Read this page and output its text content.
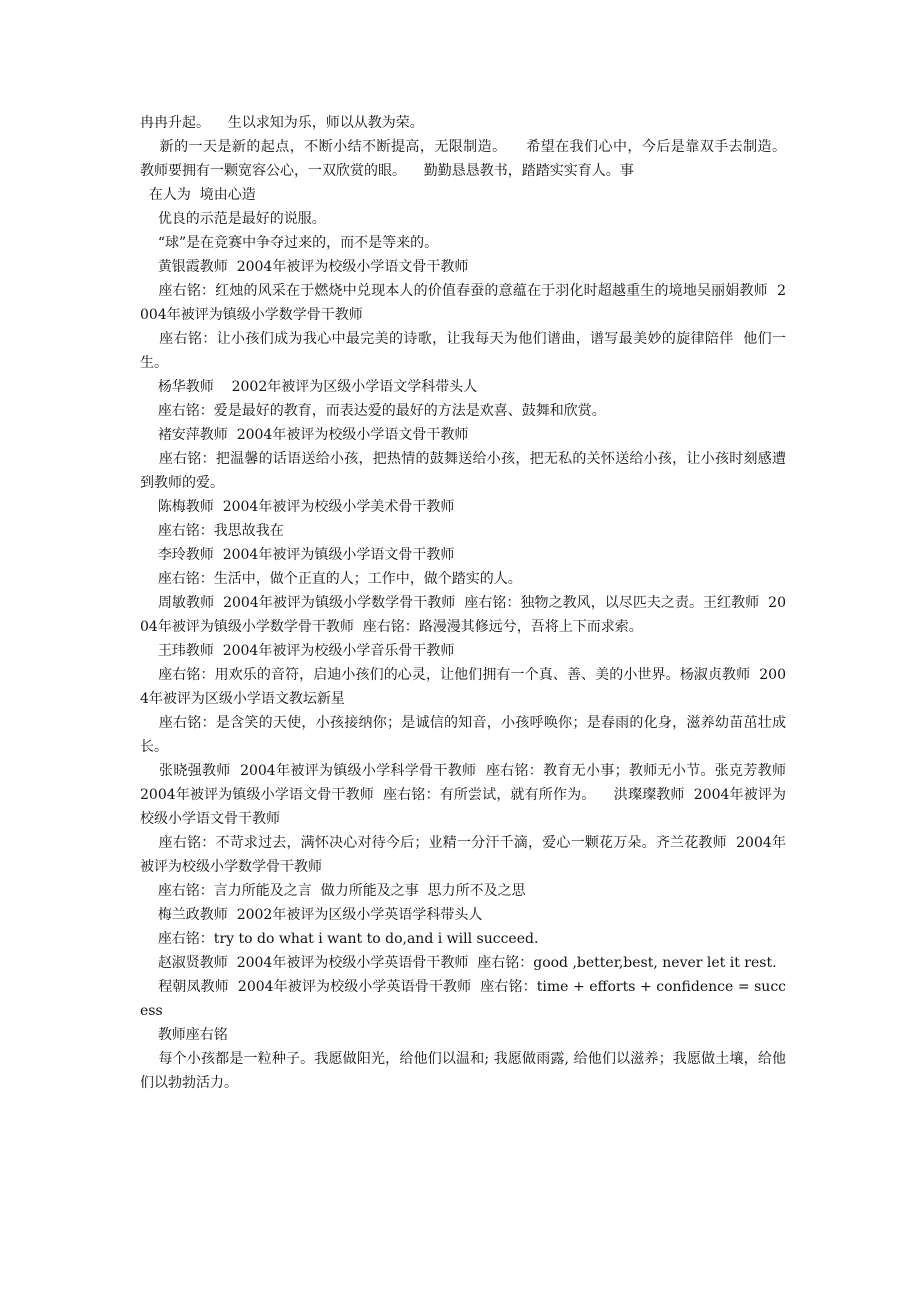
冉冉升起。    生以求知为乐，师以从教为荣。

新的一天是新的起点，不断小结不断提高，无限制造。    希望在我们心中，今后是靠双手去制造。    教师要拥有一颗宽容公心，一双欣赏的眼。    勤勤恳恳教书，踏踏实实育人。事

在人为  境由心造

优良的示范是最好的说服。

“球”是在竞赛中争夺过来的，而不是等来的。

黄银霞教师  2004年被评为校级小学语文骨干教师

座右铭：红烛的风采在于燃烧中兑现本人的价值春蚕的意蕴在于羽化时超越重生的境地吴丽娟教师  2004年被评为镇级小学数学骨干教师

座右铭：让小孩们成为我心中最完美的诗歌，让我每天为他们谱曲，谱写最美妙的旋律陪伴  他们一生。

杨华教师    2002年被评为区级小学语文学科带头人

座右铭：爱是最好的教育，而表达爱的最好的方法是欢喜、鼓舞和欣赏。

褚安萍教师  2004年被评为校级小学语文骨干教师

座右铭：把温馨的话语送给小孩，把热情的鼓舞送给小孩，把无私的关怀送给小孩，让小孩时刻感遭到教师的爱。

陈梅教师  2004年被评为校级小学美术骨干教师

座右铭：我思故我在

李玲教师  2004年被评为镇级小学语文骨干教师

座右铭：生活中，做个正直的人；工作中，做个踏实的人。

周敏教师  2004年被评为镇级小学数学骨干教师  座右铭：独物之教风，以尽匹夫之责。王红教师  2004年被评为镇级小学数学骨干教师  座右铭：路漫漫其修远兮，吾将上下而求索。

王玮教师  2004年被评为校级小学音乐骨干教师

座右铭：用欢乐的音符，启迪小孩们的心灵，让他们拥有一个真、善、美的小世界。杨淑贞教师  2004年被评为区级小学语文教坛新星

座右铭：是含笑的天使，小孩接纳你；是诚信的知音，小孩呼唤你；是春雨的化身，滋养幼苗茁壮成长。

张晓强教师  2004年被评为镇级小学科学骨干教师  座右铭：教育无小事；教师无小节。张克芳教师  2004年被评为镇级小学语文骨干教师  座右铭：有所尝试，就有所作为。    洪璨璨教师  2004年被评为校级小学语文骨干教师

座右铭：不苛求过去，满怀决心对待今后；业精一分汗千滴，爱心一颗花万朵。齐兰花教师  2004年被评为校级小学数学骨干教师

座右铭：言力所能及之言  做力所能及之事  思力所不及之思

梅兰政教师  2002年被评为区级小学英语学科带头人

座右铭：try to do what i want to do,and i will succeed.

赵淑贤教师  2004年被评为校级小学英语骨干教师  座右铭：good ,better,best, never let it rest.

程朝凤教师  2004年被评为校级小学英语骨干教师  座右铭：time + efforts + confidence = success

教师座右铭

每个小孩都是一粒种子。我愿做阳光，给他们以温和; 我愿做雨露, 给他们以滋养；我愿做土壤，给他们以勃勃活力。
